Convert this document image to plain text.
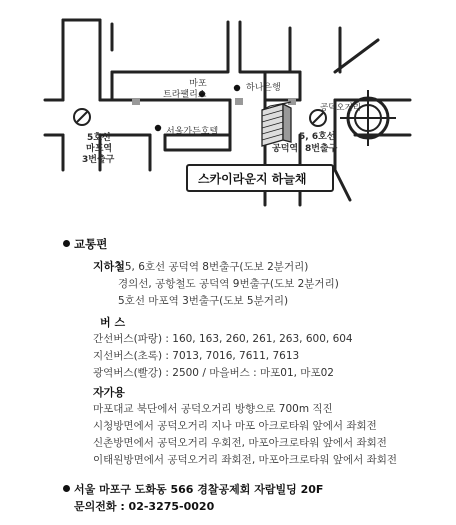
마포
트라팰리스
하나은행
공덕오거리
서울가든호텔
5호선
마포역
3번출구
5, 6호선
공덕역 8번출구
스카이라운지 하늘채
교통편
지하철
: 5, 6호선 공덕역 8번출구(도보 2분거리)
경의선, 공항철도 공덕역 9번출구(도보 2분거리)
5호선 마포역 3번출구(도보 5분거리)
버 스
간선버스(파랑) : 160, 163, 260, 261, 263, 600, 604
지선버스(초록) : 7013, 7016, 7611, 7613
광역버스(빨강) : 2500 / 마을버스 : 마포01, 마포02
자가용
마포대교 북단에서 공덕오거리 방향으로 700m 직진
시청방면에서 공덕오거리 지나 마포 아크로타워 앞에서 좌회전
신촌방면에서 공덕오거리 우회전, 마포아크로타워 앞에서 좌회전
이태원방면에서 공덕오거리 좌회전, 마포아크로타워 앞에서 좌회전
서울 마포구 도화동 566 경찰공제회 자람빌딩 20F
문의전화 : 02-3275-0020
